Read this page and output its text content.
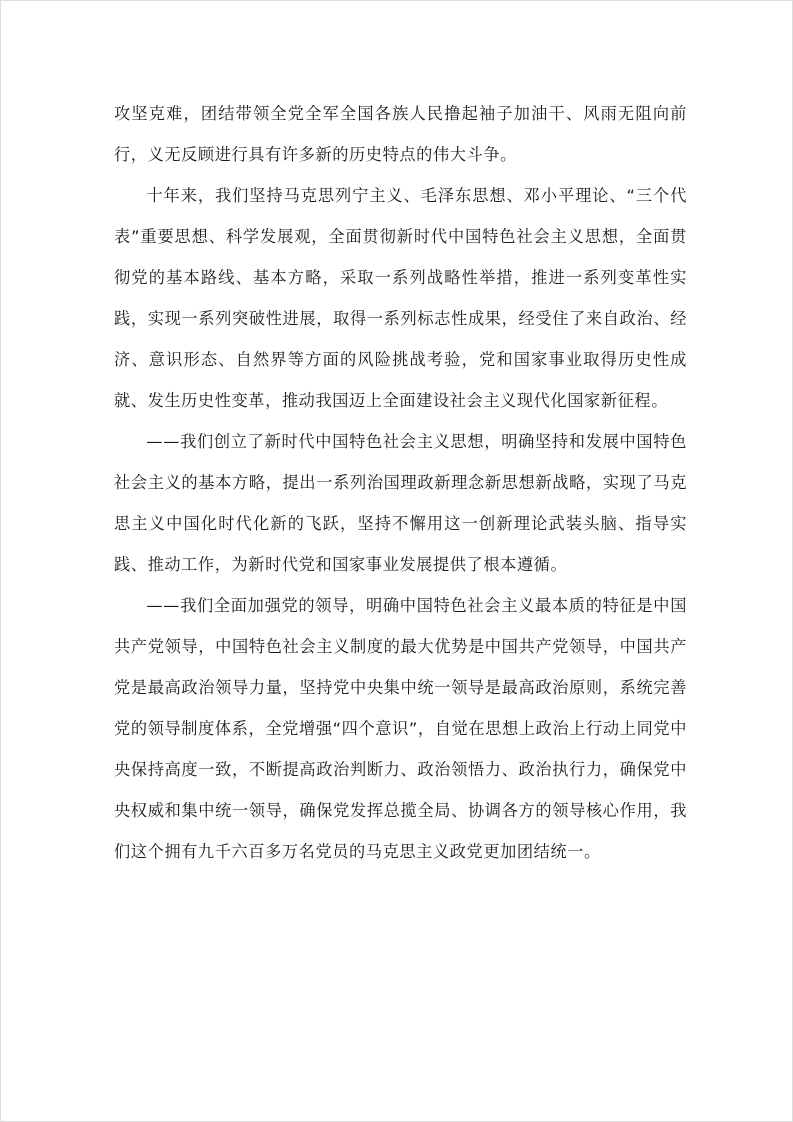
攻坚克难，团结带领全党全军全国各族人民撸起袖子加油干、风雨无阻向前行，义无反顾进行具有许多新的历史特点的伟大斗争。

十年来，我们坚持马克思列宁主义、毛泽东思想、邓小平理论、“三个代表”重要思想、科学发展观，全面贯彻新时代中国特色社会主义思想，全面贯彻党的基本路线、基本方略，采取一系列战略性举措，推进一系列变革性实践，实现一系列突破性进展，取得一系列标志性成果，经受住了来自政治、经济、意识形态、自然界等方面的风险挑战考验，党和国家事业取得历史性成就、发生历史性变革，推动我国迈上全面建设社会主义现代化国家新征程。

——我们创立了新时代中国特色社会主义思想，明确坚持和发展中国特色社会主义的基本方略，提出一系列治国理政新理念新思想新战略，实现了马克思主义中国化时代化新的飞跃，坚持不懈用这一创新理论武装头脑、指导实践、推动工作，为新时代党和国家事业发展提供了根本遵循。

——我们全面加强党的领导，明确中国特色社会主义最本质的特征是中国共产党领导，中国特色社会主义制度的最大优势是中国共产党领导，中国共产党是最高政治领导力量，坚持党中央集中统一领导是最高政治原则，系统完善党的领导制度体系，全党增强“四个意识”，自觉在思想上政治上行动上同党中央保持高度一致，不断提高政治判断力、政治领悟力、政治执行力，确保党中央权威和集中统一领导，确保党发挥总揽全局、协调各方的领导核心作用，我们这个拥有九千六百多万名党员的马克思主义政党更加团结统一。
